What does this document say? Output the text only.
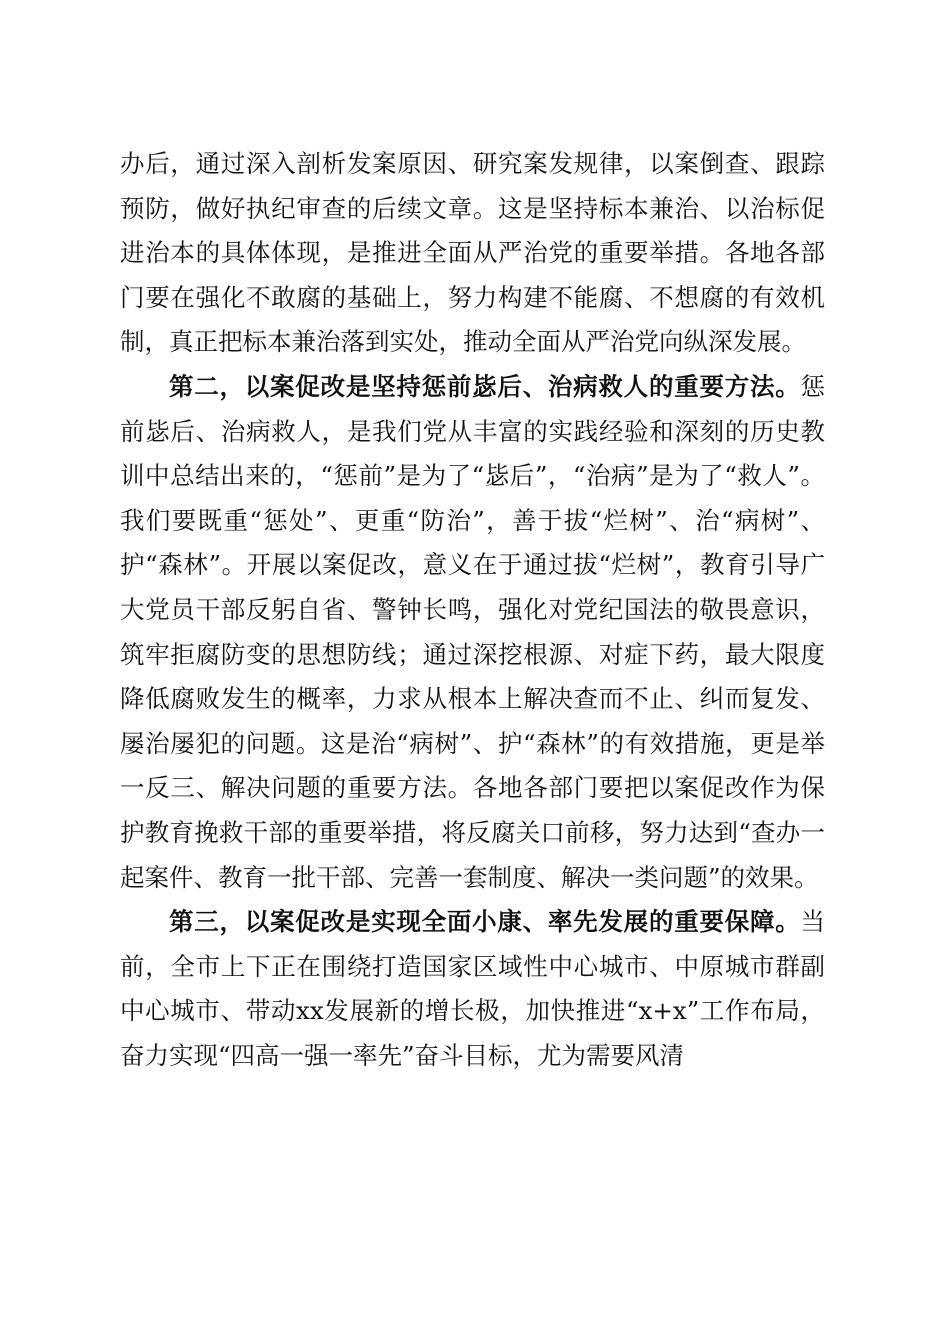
办后，通过深入剖析发案原因、研究案发规律，以案倒查、跟踪预防，做好执纪审查的后续文章。这是坚持标本兼治、以治标促进治本的具体体现，是推进全面从严治党的重要举措。各地各部门要在强化不敢腐的基础上，努力构建不能腐、不想腐的有效机制，真正把标本兼治落到实处，推动全面从严治党向纵深发展。

第二，以案促改是坚持惩前毖后、治病救人的重要方法。惩前毖后、治病救人，是我们党从丰富的实践经验和深刻的历史教训中总结出来的，“惩前”是为了“毖后”，“治病”是为了“救人”。我们要既重“惩处”、更重“防治”，善于拔“烂树”、治“病树”、护“森林”。开展以案促改，意义在于通过拔“烂树”，教育引导广大党员干部反躬自省、警钟长鸣，强化对党纪国法的敬畏意识，筑牢拒腐防变的思想防线；通过深挖根源、对症下药，最大限度降低腐败发生的概率，力求从根本上解决查而不止、纠而复发、屡治屡犯的问题。这是治“病树”、护“森林”的有效措施，更是举一反三、解决问题的重要方法。各地各部门要把以案促改作为保护教育挽救干部的重要举措，将反腐关口前移，努力达到“查办一起案件、教育一批干部、完善一套制度、解决一类问题”的效果。

第三，以案促改是实现全面小康、率先发展的重要保障。当前，全市上下正在围绕打造国家区域性中心城市、中原城市群副中心城市、带动xx发展新的增长极，加快推进“x+x”工作布局，奋力实现“四高一强一率先”奋斗目标，尤为需要风清
